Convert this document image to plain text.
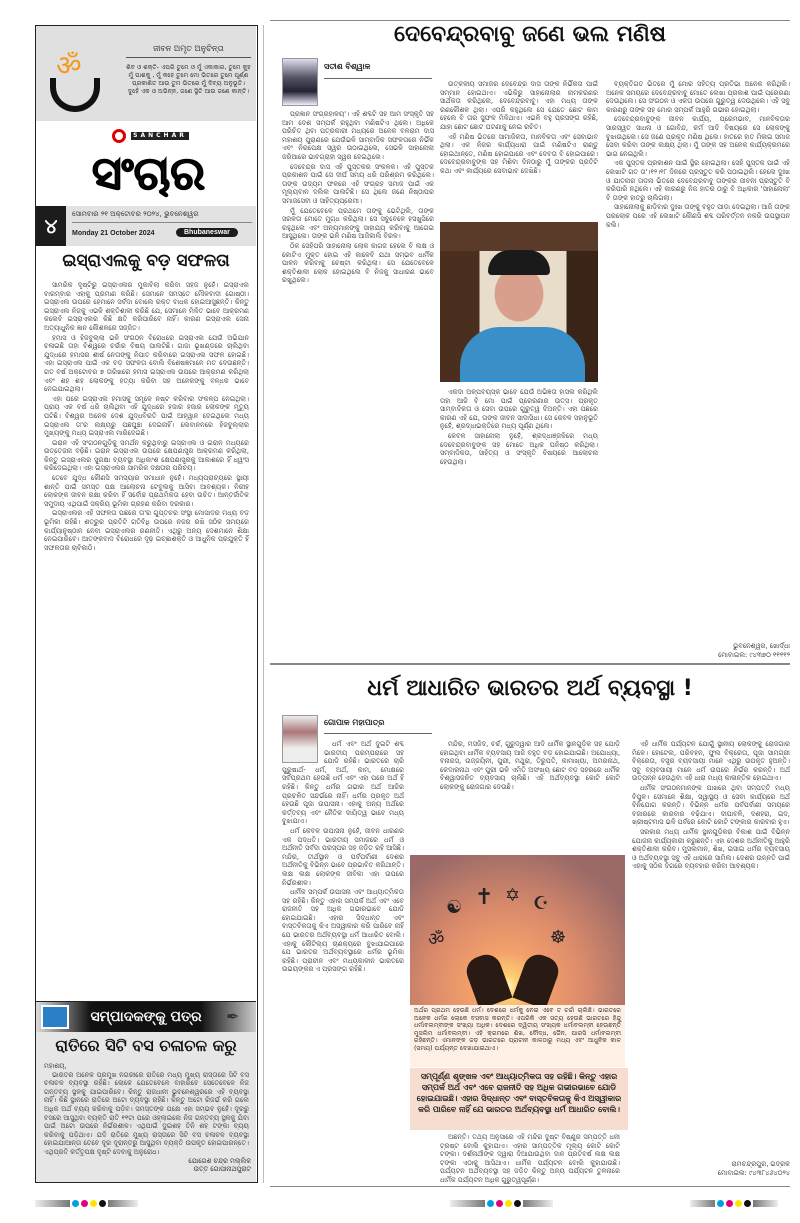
ॐ
ଜୀବନ ଅମୃତ ଅନୁଚିନ୍ତା
ଶିବ ଓ ଶକ୍ତି- ଏପରି ତୁମେ ଓ ମୁଁ ଏକାକାର, ତୁମେ କୁହ ମୁଁ ପାଶକୁ , ମୁଁ କହେ ତୁମେ ମୋ ଭିତରେ ତୁମେ ପୂର୍ଣ୍ଣ ପ୍ରକାଶିତ ଆଉ ତୁମ ଭିତରେ ମୁଁ ଦିବ୍ୟ ଅନୁଭୂତି। ଦୁହେଁ ଏକ ଓ ଅଭିନ୍ନ, ଜଣେ ସ୍ଥିତି ଆଉ ଜଣେ କାନ୍ତି।
SANCHAR
ସଂଚାର
୪	ସୋମବାର ୨୧ ଅକ୍ଟୋବର ୨୦୨୪, ଭୁବନେଶ୍ୱର
Monday 21 October 2024	Bhubaneswar
ଇସ୍ରାଏଲକୁ ବଡ଼ ସଫଳତା

ସାମରିକ ଦୃଷ୍ଟିରୁ ଇସ୍ରାଏଲର ମୁକାବିଲା କରିବା ସହଜ ନୁହେଁ। ଇସ୍ରାଏଲ ବାରମ୍ବାର ଏହାକୁ ପ୍ରମାଣ କରିଛି। ସେମାନେ ସମସ୍ତେ ମୌଳବାଦୀ ଗୋଷ୍ଠୀ। ଇସ୍ରାଏଲ ଉପରେ ହେମାନେ ସର୍ବଦା ବୋଲେ ରକ୍ତ ବାଧକ ହୋଇଆସୁଛନ୍ତି। କିନ୍ତୁ ଇସ୍ରାଏଲ ନିଜକୁ ଏଭଳି ଶକ୍ତିଶାଳୀ କରିଛି ଯେ, ସେମାନେ ମିଳିତ ଭାବେ ଆକ୍ରମଣ କଲେବି ଇସ୍ରାଏଲର କିଛି କ୍ଷତି କରିପାରିବେ ନାହିଁ। କାରଣ ଇସ୍ରାଏଲ ସେନା ଅତ୍ୟାଧୁନିକ ଜ୍ଞାନ କୌଶଳରେ ସଜ୍ଜିତ।

ହମାସ ଓ ହିଜବୁଲ୍ଲା ଭଳି ସଂଗଠନ ବିରୋଧରେ ଇସ୍ରାଏଲ ଯେଉଁ ଅଭିଯାନ ଚଳାଇଛି ତାହା ବିଶ୍ୱରେ ଚର୍ଚ୍ଚାର ବିଷୟ ପାଲଟିଛି। ଗାଜା ଭୂଖଣ୍ଡରେ ଚାଲିଥିବା ଯୁଦ୍ଧରେ ହମାସର ଶୀର୍ଷ ନେତାଙ୍କୁ ନିପାତ କରିବାରେ ଇସ୍ରାଏଲ ସଫଳ ହୋଇଛି। ଏହା ଇସ୍ରାଏଲ ପାଇଁ ଏକ ବଡ଼ ସଫଳତା ବୋଲି ବିଶେଷଜ୍ଞମାନେ ମତ ଦେଉଛନ୍ତି। ଗତ ବର୍ଷ ଅକ୍ଟୋବର ୭ ତାରିଖରେ ହମାସ ଇସ୍ରାଏଲ ଉପରେ ଆକ୍ରମଣ କରିଥିଲା ଏବଂ ଶହ ଶହ ଲୋକଙ୍କୁ ହତ୍ୟା କରିବା ସହ ଅନେକଙ୍କୁ ବନ୍ଧକ ଭାବେ ନେଇଯାଇଥିଲା।

ଏହା ପରେ ଇସ୍ରାଏଲ ହମାସକୁ ସମୂଳେ ନଷ୍ଟ କରିବାର ସଂକଳ୍ପ ନେଇଥିଲା। ପ୍ରାୟ ଏକ ବର୍ଷ ଧରି ଚାଲିଥିବା ଏହି ଯୁଦ୍ଧରେ ହଜାର ହଜାର ଲୋକଙ୍କ ମୃତ୍ୟୁ ଘଟିଛି। ବିଶ୍ୱର ଅନେକ ଦେଶ ଯୁଦ୍ଧବିରତି ପାଇଁ ଆହ୍ୱାନ ଦେଇଥିଲେ ମଧ୍ୟ ଇସ୍ରାଏଲ ତା'ର ଲକ୍ଷ୍ୟରୁ ପଛଘୁଞ୍ଚା ଦେଇନାହିଁ। ଲେବାନନରେ ହିଜବୁଲ୍ଲାର ମୁଖ୍ୟଙ୍କୁ ମଧ୍ୟ ଇସ୍ରାଏଲ ମାରିଦେଇଛି।

ଇରାନ ଏହି ସଂଗଠନଗୁଡ଼ିକୁ ସମର୍ଥନ କରୁଥିବାରୁ ଇସ୍ରାଏଲ ଓ ଇରାନ ମଧ୍ୟରେ ଉତ୍ତେଜନା ବଢ଼ିଛି। ଇରାନ ଇସ୍ରାଏଲ ଉପରେ କ୍ଷେପଣାସ୍ତ୍ର ଆକ୍ରମଣ କରିଥିଲା, କିନ୍ତୁ ଇସ୍ରାଏଲର ସୁରକ୍ଷା ବ୍ୟବସ୍ଥା ଅଧିକାଂଶ କ୍ଷେପଣାସ୍ତ୍ରକୁ ଆକାଶରେ ହିଁ ଧ୍ୱଂସ କରିଦେଇଥିଲା। ଏହା ଇସ୍ରାଏଲର ସାମରିକ ଦକ୍ଷତାର ପରିଚୟ।

ତେବେ ଯୁଦ୍ଧ କୌଣସି ସମସ୍ୟାର ସମାଧାନ ନୁହେଁ। ମଧ୍ୟପ୍ରାଚ୍ୟରେ ସ୍ଥାୟୀ ଶାନ୍ତି ପାଇଁ ସମସ୍ତ ପକ୍ଷ ଆଲୋଚନା ଟେବୁଲକୁ ଆସିବା ଆବଶ୍ୟକ। ନିରୀହ ଲୋକଙ୍କ ଜୀବନ ରକ୍ଷା କରିବା ହିଁ ସର୍ବୋଚ୍ଚ ପ୍ରାଥମିକତା ହେବା ଉଚିତ। ଆନ୍ତର୍ଜାତିକ ସମୁଦାୟ ଏଥିପାଇଁ ସକ୍ରିୟ ଭୂମିକା ଗ୍ରହଣ କରିବା ଦରକାର।

ଇସ୍ରାଏଲର ଏହି ସଫଳତା ପଛରେ ତା'ର ଗୁପ୍ତଚର ସଂସ୍ଥା ମୋସାଦର ମଧ୍ୟ ବଡ଼ ଭୂମିକା ରହିଛି। ଶତ୍ରୁର ପ୍ରତିଟି ଗତିବିଧି ଉପରେ ନଜର ରଖି ସଠିକ ସମୟରେ କାର୍ଯ୍ୟାନୁଷ୍ଠାନ ନେବା ଇସ୍ରାଏଲର ରଣନୀତି। ଏଥିରୁ ଅନ୍ୟ ଦେଶମାନେ ଶିକ୍ଷା ନେଇପାରିବେ। ଆତଙ୍କବାଦ ବିରୋଧରେ ଦୃଢ଼ ଇଚ୍ଛାଶକ୍ତି ଓ ଆଧୁନିକ ପ୍ରଯୁକ୍ତି ହିଁ ସଫଳତାର ଚାବିକାଠି।

ସମ୍ପାଦକଙ୍କୁ ପତ୍ର	✒
ରାତିରେ ସିଟି ବସ ଚଳାଚଳ କରୁ
ମହାଶୟ,

ଭାରତର ଅନେକ ପ୍ରମୁଖ ନଗରୀରେ ରାତିରେ ମଧ୍ୟ ମୁଖ୍ୟ ରାସ୍ତାରେ ସିଟି ବସ ଚଳାଚଳ ବ୍ୟବସ୍ଥା ରହିଛି। ଲୋକେ ଯେତେବେଳେ ବାହାରିବେ ସେତେବେଳେ ନିଜ ଗନ୍ତବ୍ୟ ସ୍ଥଳକୁ ଯାଇପାରିବେ। କିନ୍ତୁ ରାଜଧାନୀ ଭୁବନେଶ୍ୱରରେ ଏହି ବ୍ୟବସ୍ଥା ନାହିଁ। କିଛି ସ୍ଥାନରେ ରାତିରେ ଅଟୋ ବ୍ୟବସ୍ଥା ରହିଛି। କିନ୍ତୁ ଅଟୋ ରିଜର୍ଭ କରି ଗଲେ ଅଧିକ ଅର୍ଥ ବ୍ୟୟ କରିବାକୁ ପଡ଼ିବ। ସମସ୍ତଙ୍କ ପକ୍ଷେ ଏହା ସମ୍ଭବ ନୁହେଁ। ଦୂରରୁ ବସରେ ଆସୁଥିବା ବ୍ୟକ୍ତି ରାତି ୧୧ଟା ପରେ ଓହ୍ଲାଇଲେ ନିଜ ଗନ୍ତବ୍ୟ ସ୍ଥଳକୁ ଯିବା ପାଇଁ ଅଟୋ ଉପରେ ନିର୍ଭରଶୀଳ। ଏଥିପାଇଁ ଦୁଇଶହ ତିନି ଶହ ଟଙ୍କା ବ୍ୟୟ କରିବାକୁ ପଡ଼ିଥାଏ। ଯଦି ରାତିରେ ମୁଖ୍ୟ ରାସ୍ତାରେ ସିଟି ବସ ଚଳାଚଳ ବ୍ୟବସ୍ଥା ହୋଇଯାଆନ୍ତା ତେବେ ଦୂର ଦୂରାନ୍ତରୁ ଆସୁଥିବା ବ୍ୟକ୍ତି ଉପକୃତ ହୋଇପାରନ୍ତେ। ଏଥିପ୍ରତି କର୍ତ୍ତୃପକ୍ଷ ଦୃଷ୍ଟି ଦେବାକୁ ଅନୁରୋଧ।

ଯୋଗେଶ ଚନ୍ଦ୍ର ମଲ୍ଲିକ
ଉତ୍ତ ଗୋପୀନାଥପୁରାଟ
ଦେବେନ୍ଦ୍ରବାବୁ ଜଣେ ଭଲ ମଣିଷ
ସତୀଶ ବିଶ୍ୱାଳ

ପ୍ରଜ୍ଞାନ ସଂଗ୍ରହାଳୟ'। ଏହି ଶବ୍ଦଟି ସହ ଆମ ସଂସ୍କୃତି ସହ ଆମ ଦେଶ ସମ୍ପର୍କ ରହୁଥିବା ମଣିଷଟିଏ ଥିଲେ। ଅଧିକେ ପରିଚିତ ଥିବା ପତ୍ରକାରୀ ମଧ୍ୟରେ ଅନେକ ବଳରାମ ଦାସ ମହାଶୟ ପୁରାଣରେ ଯେଉଁଭଳି ସାମ୍ବାଦିକ ସଫଳତାରେ ନିର୍ଭିକ ଏବଂ ନିରପେକ୍ଷ ସ୍ୱର ଉଠାଇଥିଲେ, ସେଭଳି ସାହାନୋଲା ଜରିଆରେ ଭାବଗ୍ରାହୀ ସ୍ୱର ଦେଇଥିଲେ।

ଦେବେନ୍ଦ୍ର ଦାସ ଏହି ପୁସ୍ତକର ସଂକଳକ। ଏହି ପୁସ୍ତକ ପ୍ରକାଶନ ପାଇଁ ସେ ଦୀର୍ଘ ସମୟ ଧରି ପରିଶ୍ରମ କରିଥିଲେ। ତାଙ୍କ ଉଦ୍ୟମ ଫଳରେ ଏହି ସଂଗ୍ରହ ସମାଜ ପାଇଁ ଏକ ମୂଲ୍ୟବାନ ଦଲିଲ ପାଲଟିଛି। ସେ ଥିଲେ ଜଣେ ନିଷ୍ଠାପର ସମାଜସେବୀ ଓ ସାହିତ୍ୟପ୍ରେମୀ।

ମୁଁ ଯେତେବେଳେ ପ୍ରଥମେ ତାଙ୍କୁ ଭେଟିଥିଲି, ତାଙ୍କ ସରଳତା ମୋତେ ମୁଗ୍ଧ କରିଥିଲା। ସେ ସବୁବେଳେ ହସଖୁସିରେ ରହୁଥିଲେ ଏବଂ ଅନ୍ୟମାନଙ୍କୁ ସାହାଯ୍ୟ କରିବାକୁ ଆଗେଇ ଆସୁଥିଲେ। ତାଙ୍କ ଭଳି ମଣିଷ ଆଜିକାଲି ବିରଳ।

ଠିକ ସେହିପରି ସାହାନୋଲା ଲୋକ କାଗଜ ହେଲେ ବି ଲକ୍ଷ ଓ କୋଟିଏ ମୁକ୍ତ ହୋଇ ଏହି କାଳେବି ଯଥା ସମ୍ଭବ ଧାର୍ମିକ ପାଳନ କରିବାକୁ ଚେଷ୍ଟା କରିଥିଲା। ସେ ଯେତେବେଳେ ଶକ୍ତିଶାଳୀ ଲୋକ ହୋଇଥିଲେ ବି ନିଜକୁ ସାଧାରଣ ଭାବେ ରଖୁଥିଲେ।

ଉତ୍କଳୀୟ ସମାଜର ଦେବେନ୍ଦ୍ର ଦାସ ତାଙ୍କ ନିର୍ଭିକତା ପାଇଁ ସମ୍ମାନ ହୋଇଥାଏ। ଏଭିକିରୁ ସାହାନୋଲାର ନାମକରଣର ସାର୍ଥକତା କରିଥିଲେ, ଦେବେନ୍ଦ୍ରବାବୁ। ଏହା ମଧ୍ୟ ତାଙ୍କ ରଣକୌଶଳ ଥିଲା। ଏପରି କହୁଥିଲେ ସେ ଯେତେ ଛୋଟ କାମ ହେଲେ ବି ତାର ସୁଫଳ ମିଳିଥାଏ। ଏଭଳି ବହୁ ପ୍ରସଙ୍ଗ ରହିଛି, ଯାହା ଛୋଟ ଛୋଟ ଘଟଣାକୁ ନେଇ ରଚିତ।

ଏହି ମଣିଷ ଭିତରେ ସାମାଜିକତା, ମାନବିକତା ଏବଂ ସେବାଭାବ ଥିଲା। ଏକ ନିଜର କାର୍ଯ୍ୟଧାରା ପାଇଁ ମଣିଷଟିଏ ରାଣ୍ଡୁ ହୋଇଥାନ୍ତେ, ମଣିଷ ହୋଇପାରେ ଏବଂ ଦେବତା ବି ହୋଇପାରେ। ଦେବେନ୍ଦ୍ରବାବୁଙ୍କ ସହ ମିଶିବା ଦିନଠାରୁ ମୁଁ ତାଙ୍କର ପ୍ରତିଟି କଥା ଏବଂ କାର୍ଯ୍ୟରେ ସେବାଭାବ ଦେଖିଛି।

ଏକଦା ଅଳ୍ପବୟସ୍କ ଭାବେ ଯେଉଁ ଅଭିଜ୍ଞତା ହାସଲ କରିଥିଲି ତାହା ଆଜି ବି ମୋ ପାଇଁ ପ୍ରେରଣାର ଉତ୍ସ। ପ୍ରକୃତ ସାମ୍ବାଦିକତା ଓ ସେବା ଉପରେ ଗୁରୁତ୍ୱ ଦିଅନ୍ତି। ଏହା ପଛରେ କାରଣ ଏହି ଯେ, ତାଙ୍କ ଜୀବନ ସାଦାସିଧା। ସେ କେବଳ ସହାନୁଭୂତି ନୁହେଁ, ଶ୍ରଦ୍ଧାଭକ୍ତିରେ ମଧ୍ୟ ପୂର୍ଣ୍ଣ ଥିଲେ।

କେବଳ ସାହାନୋଲା ନୁହେଁ, ଶ୍ରଦ୍ଧାଞ୍ଜଳିରେ ମଧ୍ୟ ଦେବେନ୍ଦ୍ରବାବୁଙ୍କ ସହ ମୋତେ ଅଧିକ ଘନିଷ୍ଠ କରିଥିଲା। ସମ୍ବାଦିକତା, ସାହିତ୍ୟ ଓ ସଂସ୍କୃତି ବିଷୟରେ ଆଲୋଚନା ହେଉଥିଲା।

ବ୍ୟକ୍ତିଗତ ଭିତରେ ମୁଁ ମୋର ସହିତ୍ୟ ପ୍ରତିଭା ଅନେକ କରିଥିଲି। ଅନେକ ସମୟରେ ଦେବେନ୍ଦ୍ରବାବୁ ମୋତେ ଲେଖା ପ୍ରକାଶ ପାଇଁ ପ୍ରେରଣା ଦେଉଥିଲେ। ସେ ସଂଗଠନ ଓ ଏକତା ଉପରେ ଗୁରୁତ୍ୱ ଦେଉଥିଲେ। ଏହି ସବୁ କାରଣରୁ ତାଙ୍କ ସହ ମୋର ସମ୍ପର୍କ ଆହୁରି ଗଭୀର ହୋଇଥିଲା।

ଦେବେନ୍ଦ୍ରବାବୁଙ୍କ ଜୀବନ କାର୍ଯ୍ୟ, ପ୍ରେମଭାବ, ମାନବିକତାର ସାରସ୍ୱତ ସାଧନା ଓ ଗୋବିନ୍ଦ, କର୍ମ ଆଦି ବିଷୟରେ ସେ ଲୋକଙ୍କୁ ବୁଝାଉଥିଲେ। ସେ ଜଣେ ପ୍ରକୃତ ମଣିଷ ଥିଲେ। ହାତରେ ହାତ ମିଳାଇ ସମାଜ ସେବା କରିବା ତାଙ୍କ ଲକ୍ଷ୍ୟ ଥିଲା। ମୁଁ ତାଙ୍କ ସହ ଅନେକ କାର୍ଯ୍ୟକ୍ରମରେ ଭାଗ ନେଇଥିଲି।

ଏକ ପୁସ୍ତକ ପ୍ରକାଶନ ପାଇଁ ସ୍ଥିର ହୋଇଥିଲା। ସେହି ପୁସ୍ତକ ପାଇଁ ଏହି ଲେଖାଟି ଗତ ତା'।୧୨।୧୮ ଦିନରେ ପ୍ରସ୍ତୁତ କରି ପଠାଇଥିଲି। ହେଲେ ଦୁଃଖ ଓ ଯାତନାର ତାଡ଼ନା ଭିତରେ ଦେବେନ୍ଦ୍ରବାବୁ ତାଙ୍କର ଜୀବନୀ ପ୍ରସ୍ତୁତି ବି କରିପାରି ନଥିଲେ। ଏହି କାରଣରୁ ନିଜ ହାତର ଠାରୁ ବି ଅଧିକାର 'ସାହାନୋଲା' ବି ତାଙ୍କ ହାତରୁ ଚାଲିଗଲା।

ସାହାନୋଲାକୁ ଛାଡ଼ିବାର ଦୁଃଖ ତାଙ୍କୁ ବହୁତ ପୀଡ଼ା ଦେଇଥିଲା। ଆଜି ତାଙ୍କ ପରଲୋକ ପରେ ଏହି ଲେଖାଟି କୌଣସି ଶବ୍ଦ ପରିବର୍ତ୍ତନ ନକରି ଉପସ୍ଥାପନ କଲି।

ଭୁବନେଶ୍ୱର, ଖୋର୍ଦ୍ଧା
ମୋବାଇଲ: ୯୪୩୭୦ ୧୧୧୧୨
ଧର୍ମ ଆଧାରିତ ଭାରତର ଅର୍ଥ ବ୍ୟବସ୍ଥା !
ଗୋପାଳ ମହାପାତ୍ର

ଧର୍ମ ଏବଂ ଅର୍ଥ ଦୁଇଟି ଶବ୍ଦ ଭାରତୀୟ ପରମ୍ପରାରେ ସହ ଯୋଡି ରହିଛି। ଭାରତରେ ଚାରି ପୁରୁଷାର୍ଥ- ଧର୍ମ, ଅର୍ଥ, କାମ, ମୋକ୍ଷରେ ସର୍ବପ୍ରଥମ ହେଉଛି ଧର୍ମ ଏବଂ ଏହା ପରେ ଅର୍ଥ ହିଁ ରହିଛି। କିନ୍ତୁ ଧର୍ମର ଗଭୀର ଅର୍ଥ ଆଜିର ପ୍ରଚଳିତ ସନ୍ଦର୍ଭରେ ନାହିଁ। ଧର୍ମର ପ୍ରକୃତ ଅର୍ଥ ହେଉଛି ପୂଜା ଉପାସନା। ଏହାକୁ ଅନ୍ୟ ଅର୍ଥରେ କର୍ତ୍ତବ୍ୟ ଏବଂ ନୈତିକ ଦାୟିତ୍ୱ ଭାବେ ମଧ୍ୟ ବୁଝାଯାଏ।

ଧର୍ମ କେବଳ ଉପାସନା ନୁହେଁ, ଜୀବନ ଧାରଣର ଏକ ପଦ୍ଧତି। ଭାରତୀୟ ସମାଜରେ ଧର୍ମ ଓ ଅର୍ଥନୀତି ସର୍ବଦା ପରସ୍ପର ସହ ଜଡ଼ିତ ରହି ଆସିଛି। ମନ୍ଦିର, ତୀର୍ଥସ୍ଥାନ ଓ ପର୍ବପର୍ବାଣୀ ଦେଶର ଅର୍ଥନୀତିକୁ ବିଭିନ୍ନ ଭାବେ ପ୍ରଭାବିତ କରିଥାନ୍ତି। ଲକ୍ଷ ଲକ୍ଷ ଲୋକଙ୍କ ଜୀବିକା ଏହା ଉପରେ ନିର୍ଭରଶୀଳ।

ଧାର୍ମିକ ସମ୍ପର୍କ ଉପାସନା ଏବଂ ଆଧ୍ୟାତ୍ମିକତା ସହ ରହିଛି। କିନ୍ତୁ ଏହାର ସମ୍ପର୍କ ଅର୍ଥ ଏବଂ ଏବେ ରାଜନୀତି ସହ ଅଧିକ ଗଭୀରଭାବେ ଯୋଡି ହୋଇଯାଇଛି। ଏହାର ସିଦ୍ଧାନ୍ତ ଏବଂ ବାସ୍ତବିକତାକୁ କିଏ ଅସ୍ୱୀକାର କରି ପାରିବେ ନାହିଁ ଯେ ଭାରତର ଅର୍ଥବ୍ୟବସ୍ଥା ଧର୍ମ ଆଧାରିତ ବୋଲି। ଏହାକୁ କୌଟିଲ୍ୟ ଚାଣକ୍ୟରେ ବୁଝାଯାଇପାରେ ଯେ ଭାରତର ଅର୍ଥବ୍ୟବସ୍ଥାରେ ଧର୍ମର ଭୂମିକା ରହିଛି। ପ୍ରାଚୀନ ଏବଂ ମଧ୍ୟକାଳୀନ ଭାରତରେ ଉଭୟଙ୍କର ଏ ପ୍ରସଙ୍ଗ ରହିଛି।

ମନ୍ଦିର, ମସଜିଦ, ଚର୍ଚ୍ଚ, ଗୁରୁଦ୍ୱାର ଆଦି ଧାର୍ମିକ ସ୍ଥାନଗୁଡ଼ିକ ସହ ଯୋଡ଼ି ହୋଇଥିବା ଧାର୍ମିକ ବ୍ୟବସାୟ ଆଜି ବହୁତ ବଡ଼ ହୋଇଯାଇଛି। ଅଯୋଧ୍ୟା, ବନାରସ, ଉଜ୍ଜୟିନୀ, ପୁରୀ, ମଥୁରା, ତିରୁପତି, କାମାଖ୍ୟା, ଅମରନାଥ, କେଦାରନାଥ ଏବଂ ପୁରୀ ଭଳି ଏମିତି ଅସଂଖ୍ୟ ଛୋଟ ବଡ଼ ସହରରେ ଧାର୍ମିକ ବିଶ୍ୱାସଜନିତ ବ୍ୟବସାୟ ଚାଲିଛି। ଏହି ଅର୍ଥବ୍ୟବସ୍ଥା କୋଟି କୋଟି ଲୋକଙ୍କୁ ରୋଜଗାର ଦେଉଛି।

☯ ✝ ✡ ☪
ॐ	☸
ଅର୍ଥର ପ୍ରଥମ ହେଉଛି ଧର୍ମ। ଦେଶରେ ଧର୍ମକୁ ନେଇ ଏବେ ତ ଚର୍ଚ୍ଚା ଚାଲିଛି। ଭାରତରେ ଅନେକ ଧର୍ମର ଲୋକେ ବସବାସ କରନ୍ତି। ଏପରିକି ଏକ ସତ୍ୟ ହେଉଛି ଭାରତରେ ହିନ୍ଦୁ ଧର୍ମାବଲମ୍ବୀଙ୍କ ସଂଖ୍ୟା ଅଧିକ। ଦେଶରେ ଦ୍ୱିତୀୟ ସଂଖ୍ୟକ ଧର୍ମାବଲମ୍ବୀ ହେଉଛନ୍ତି ମୁସଲିମ ଧର୍ମାବଲମ୍ବୀ। ଏହି କ୍ରମରେ ଶିଖ, ବୌଦ୍ଧ, ଜୈନ, ପାରସି ଧର୍ମାବଲମ୍ବୀ ରହିଛନ୍ତି। ଏମାନଙ୍କ ଜଡ଼ ଭାରତରେ ପ୍ରାଚୀନ କାଳଠାରୁ ମଧ୍ୟ ଏବଂ ଆଧୁନିକ କାଳ (ସମୟ) ପର୍ଯ୍ୟନ୍ତ ଦେଖାଯାଇଥାଏ।
ସମ୍ପୂର୍ଣ୍ଣ ଶୃଙ୍ଖଳ ଏବଂ ଆଧ୍ୟାତ୍ମିକତା ସହ ରହିଛି। କିନ୍ତୁ ଏହାର ସମ୍ପର୍କ ଅର୍ଥ ଏବଂ ଏବେ ରାଜନୀତି ସହ ଅଧିକ ଗଭୀରଭାବେ ଯୋଡି ହୋଇଯାଇଛି। ଏହାର ସିଦ୍ଧାନ୍ତ ଏବଂ ବାସ୍ତବିକତାକୁ କିଏ ଅସ୍ୱୀକାର କରି ପାରିବେ ନାହିଁ ଯେ ଭାରତର ଅର୍ଥବ୍ୟବସ୍ଥା ଧର୍ମ ଆଧାରିତ ବୋଲି।

ଅଛନ୍ତି। ତଥ୍ୟ ଅନୁସାରେ ଏହି ମନ୍ଦିର ଦୁଷ୍ଟ ବିଷ୍ଣୁର ସମ୍ପତ୍ତି ଧନୀ ଟ୍ରଷ୍ଟ ବୋଲି କୁହାଯାଏ। ଏହାର ସାମ୍ପତ୍ତିକ ମୂଲ୍ୟ କୋଟି କୋଟି ଟଙ୍କା। ଦର୍ଶନାର୍ଥୀଙ୍କ ଦ୍ୱାରା ଦିଆଯାଉଥିବା ଦାନ ପ୍ରତିବର୍ଷ ଲକ୍ଷ ଲକ୍ଷ ଟଙ୍କା ଏଠାକୁ ଆସିଥାଏ। ଧାର୍ମିକ ପର୍ଯ୍ୟଟନ ବୋଲି କୁହାଯାଉଛି। ପର୍ଯ୍ୟଟନ ଅର୍ଥବ୍ୟବସ୍ଥା ସହ ଜଡ଼ିତ କିନ୍ତୁ ଅନ୍ୟ ପର୍ଯ୍ୟଟନ ତୁଳନାରେ ଧାର୍ମିକ ପର୍ଯ୍ୟଟନ ଅଧିକ ଗୁରୁତ୍ୱପୂର୍ଣ୍ଣ।

ଏହି ଧାର୍ମିକ ପର୍ଯ୍ୟଟନ ଯୋଗୁଁ ସ୍ଥାନୀୟ ଲୋକଙ୍କୁ ରୋଜଗାର ମିଳେ। ହୋଟେଲ, ପରିବହନ, ଫୁଲ ବିକ୍ରେତା, ପୂଜା ସାମଗ୍ରୀ ବିକ୍ରେତା, ବସ୍ତ୍ର ବ୍ୟବସାୟୀ ମାନେ ଏଥିରୁ ଉପକୃତ ହୁଅନ୍ତି। ସବୁ ବ୍ୟବସାୟୀ ମାନେ ଧର୍ମ ଉପରେ ନିର୍ଭର କରନ୍ତି। ଅର୍ଥ ଉତ୍ପନ୍ନ ହେଉଥିବା ଏହି ଧାରା ମଧ୍ୟ କାଳାନ୍ତିକ ହୋଇଥାଏ।

ଧାର୍ମିକ ସଂଗଠନମାନଙ୍କ ପାଖରେ ଥିବା ସମ୍ପତ୍ତି ମଧ୍ୟ ବିପୁଳ। ସେମାନେ ଶିକ୍ଷା, ସ୍ୱାସ୍ଥ୍ୟ ଓ ସେବା କାର୍ଯ୍ୟରେ ଅର୍ଥ ବିନିଯୋଗ କରନ୍ତି। ବିଭିନ୍ନ ଧର୍ମର ପର୍ବପର୍ବାଣୀ ସମୟରେ ବଜାରରେ କାରବାର ବଢ଼ିଯାଏ। ଦୀପାବଳି, ଦଶହରା, ଇଦ, ଖ୍ରୀଷ୍ଟମାସ ଭଳି ପର୍ବରେ କୋଟି କୋଟି ଟଙ୍କାର କାରବାର ହୁଏ।

ସରକାର ମଧ୍ୟ ଧାର୍ମିକ ସ୍ଥାନଗୁଡ଼ିକର ବିକାଶ ପାଇଁ ବିଭିନ୍ନ ଯୋଜନା କାର୍ଯ୍ୟକାରୀ କରୁଛନ୍ତି। ଏହା ଦେଶର ଅର୍ଥନୀତିକୁ ଆହୁରି ଶକ୍ତିଶାଳୀ କରିବ। ମୁସଲମାନ, ଶିଖ, ଇସାଇ ଧର୍ମର ବ୍ୟବସାୟ ଓ ଅର୍ଥବ୍ୟବସ୍ଥା ସବୁ ଏହି ଧାରାରେ ସାମିଲ। ଦେଶର ଉନ୍ନତି ପାଇଁ ଏହାକୁ ସଠିକ ଦିଗରେ ବ୍ୟବହାର କରିବା ଆବଶ୍ୟକ।

ରାମଚନ୍ଦ୍ରପୁର, ଭଦ୍ରକ
ମୋବାଇଲ: ୯୪୩୮୪୬୪୦୨୪
